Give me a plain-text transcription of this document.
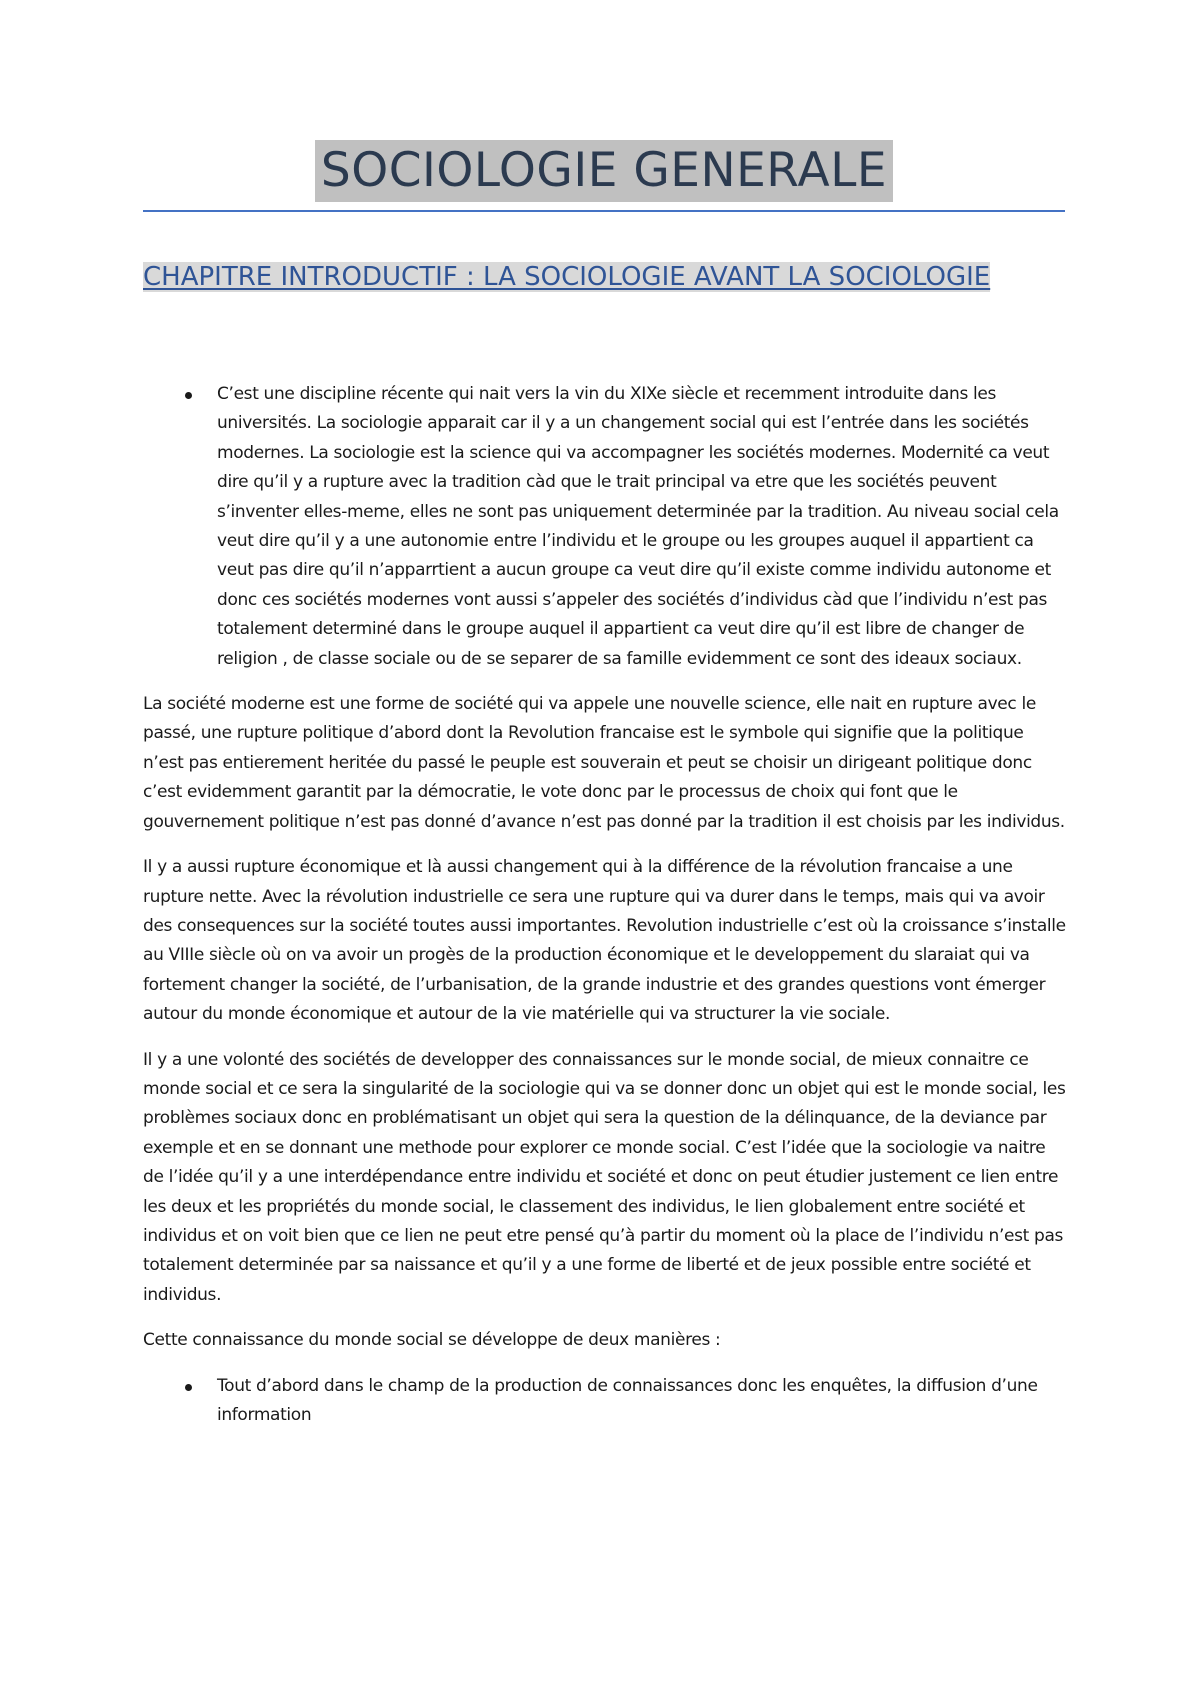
SOCIOLOGIE GENERALE
CHAPITRE INTRODUCTIF : LA SOCIOLOGIE AVANT LA SOCIOLOGIE
C’est une discipline récente qui nait vers la vin du XIXe siècle et recemment introduite dans les universités. La sociologie apparait car il y a un changement social qui est l’entrée dans les sociétés modernes. La sociologie est la science qui va accompagner les sociétés modernes. Modernité ca veut dire qu’il y a rupture avec la tradition càd que le trait principal va etre que les sociétés peuvent s’inventer elles-meme, elles ne sont pas uniquement determinée par la tradition. Au niveau social cela veut dire qu’il y a une autonomie entre l’individu et le groupe ou les groupes auquel il appartient ca veut pas dire qu’il n’apparrtient a aucun groupe ca veut dire qu’il existe comme individu autonome et donc ces sociétés modernes vont aussi s’appeler des sociétés d’individus càd que l’individu n’est pas totalement determiné dans le groupe auquel il appartient ca veut dire qu’il est libre de changer de religion , de classe sociale ou de se separer de sa famille evidemment ce sont des ideaux sociaux.

La société moderne est une forme de société qui va appele une nouvelle science, elle nait en rupture avec le passé, une rupture politique d’abord dont la Revolution francaise est le symbole qui signifie que la politique n’est pas entierement heritée du passé le peuple est souverain et peut se choisir un dirigeant politique donc c’est evidemment garantit par la démocratie, le vote donc par le processus de choix qui font que le gouvernement politique n’est pas donné d’avance n’est pas donné par la tradition il est choisis par les individus.

Il y a aussi rupture économique et là aussi changement qui à la différence de la révolution francaise a une rupture nette. Avec la révolution industrielle ce sera une rupture qui va durer dans le temps, mais qui va avoir des consequences sur la société toutes aussi importantes. Revolution industrielle c’est où la croissance s’installe au VIIIe siècle où on va avoir un progès de la production économique et le developpement du slaraiat qui va fortement changer la société, de l’urbanisation, de la grande industrie et des grandes questions vont émerger autour du monde économique et autour de la vie matérielle qui va structurer la vie sociale.

Il y a une volonté des sociétés de developper des connaissances sur le monde social, de mieux connaitre ce monde social et ce sera la singularité de la sociologie qui va se donner donc un objet qui est le monde social, les problèmes sociaux donc en problématisant un objet qui sera la question de la délinquance, de la deviance par exemple et en se donnant une methode pour explorer ce monde social. C’est l’idée que la sociologie va naitre de l’idée qu’il y a une interdépendance entre individu et société et donc on peut étudier justement ce lien entre les deux et les propriétés du monde social, le classement des individus, le lien globalement entre société et individus et on voit bien que ce lien ne peut etre pensé qu’à partir du moment où la place de l’individu n’est pas totalement determinée par sa naissance et qu’il y a une forme de liberté et de jeux possible entre société et individus.

Cette connaissance du monde social se développe de deux manières :

Tout d’abord dans le champ de la production de connaissances donc les enquêtes, la diffusion d’une information
